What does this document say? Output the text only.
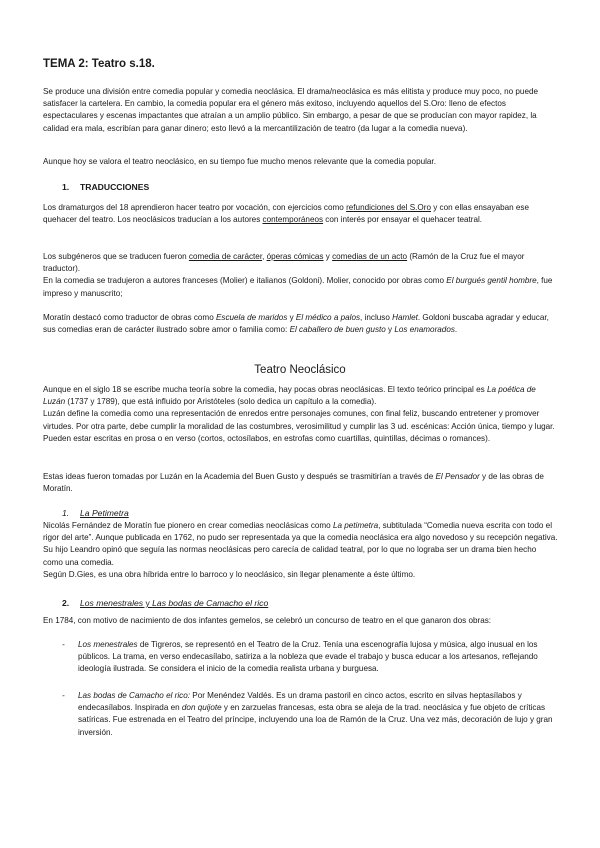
TEMA 2: Teatro s.18.
Se produce una división entre comedia popular y comedia neoclásica. El drama/neoclásica es más elitista y produce muy poco, no puede satisfacer la cartelera. En cambio, la comedia popular era el género más exitoso, incluyendo aquellos del S.Oro: lleno de efectos espectaculares y escenas impactantes que atraían a un amplio público. Sin embargo, a pesar de que se producían con mayor rapidez, la calidad era mala, escribían para ganar dinero; esto llevó a la mercantilización de teatro (da lugar a la comedia nueva).
Aunque hoy se valora el teatro neoclásico, en su tiempo fue mucho menos relevante que la comedia popular.
1. TRADUCCIONES
Los dramaturgos del 18 aprendieron hacer teatro por vocación, con ejercicios como refundiciones del S.Oro y con ellas ensayaban ese quehacer del teatro. Los neoclásicos traducían a los autores contemporáneos con interés por ensayar el quehacer teatral.

Los subgéneros que se traducen fueron comedia de carácter, óperas cómicas y comedias de un acto (Ramón de la Cruz fue el mayor traductor).

En la comedia se tradujeron a autores franceses (Molier) e italianos (Goldoni). Molier, conocido por obras como El burgués gentil hombre, fue impreso y manuscrito;

Moratín destacó como traductor de obras como Escuela de maridos y El médico a palos, incluso Hamlet. Goldoni buscaba agradar y educar, sus comedias eran de carácter ilustrado sobre amor o familia como: El caballero de buen gusto y Los enamorados.
Teatro Neoclásico

Aunque en el siglo 18 se escribe mucha teoría sobre la comedia, hay pocas obras neoclásicas. El texto teórico principal es La poética de Luzán (1737 y 1789), que está influido por Aristóteles (solo dedica un capítulo a la comedia).

Luzán define la comedia como una representación de enredos entre personajes comunes, con final feliz, buscando entretener y promover virtudes. Por otra parte, debe cumplir la moralidad de las costumbres, verosimilitud y cumplir las 3 ud. escénicas: Acción única, tiempo y lugar.

Pueden estar escritas en prosa o en verso (cortos, octosílabos, en estrofas como cuartillas, quintillas, décimas o romances).

Estas ideas fueron tomadas por Luzán en la Academia del Buen Gusto y después se trasmitirían a través de El Pensador y de las obras de Moratín.
1. La Petimetra

Nicolás Fernández de Moratín fue pionero en crear comedias neoclásicas como La petimetra, subtitulada “Comedia nueva escrita con todo el rigor del arte”. Aunque publicada en 1762, no pudo ser representada ya que la comedia neoclásica era algo novedoso y su recepción negativa. Su hijo Leandro opinó que seguía las normas neoclásicas pero carecía de calidad teatral, por lo que no lograba ser un drama bien hecho como una comedia.

Según D.Gies, es una obra híbrida entre lo barroco y lo neoclásico, sin llegar plenamente a éste último.

2. Los menestrales y Las bodas de Camacho el rico
En 1784, con motivo de nacimiento de dos infantes gemelos, se celebró un concurso de teatro en el que ganaron dos obras:
- Los menestrales de Tigreros, se representó en el Teatro de la Cruz. Tenía una escenografía lujosa y música, algo inusual en los públicos. La trama, en verso endecasílabo, satiriza a la nobleza que evade el trabajo y busca educar a los artesanos, reflejando ideología ilustrada. Se considera el inicio de la comedia realista urbana y burguesa.
- Las bodas de Camacho el rico: Por Menéndez Valdés. Es un drama pastoril en cinco actos, escrito en silvas heptasílabos y endecasílabos. Inspirada en don quijote y en zarzuelas francesas, esta obra se aleja de la trad. neoclásica y fue objeto de críticas satíricas. Fue estrenada en el Teatro del príncipe, incluyendo una loa de Ramón de la Cruz. Una vez más, decoración de lujo y gran inversión.
